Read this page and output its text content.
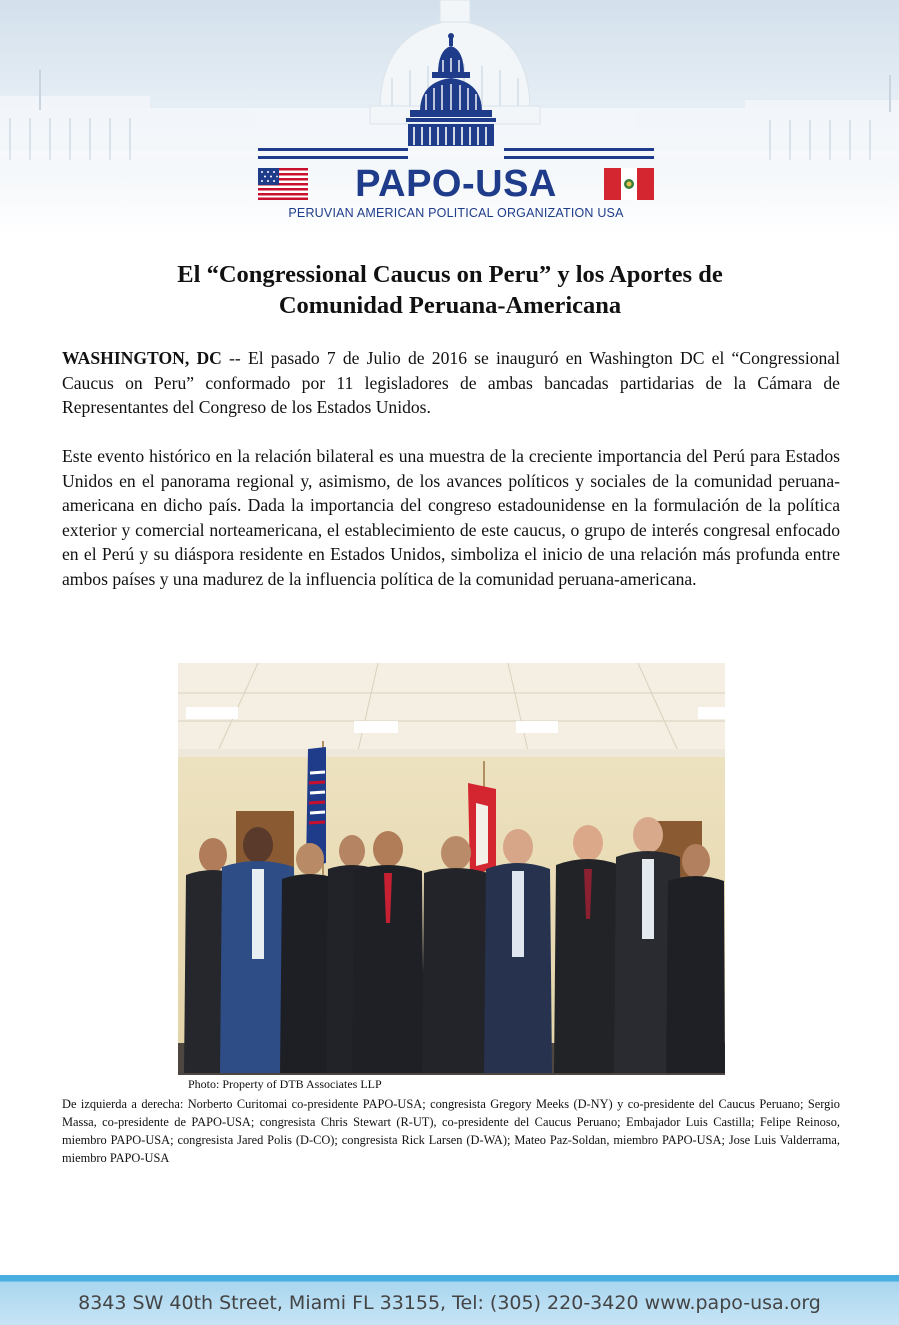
PAPO-USA
PERUVIAN AMERICAN POLITICAL ORGANIZATION USA
El “Congressional Caucus on Peru” y los Aportes de
Comunidad Peruana-Americana

WASHINGTON, DC -- El pasado 7 de Julio de 2016 se inauguró en Washington DC el “Congressional Caucus on Peru” conformado por 11 legisladores de ambas bancadas partidarias de la Cámara de Representantes del Congreso de los Estados Unidos.

Este evento histórico en la relación bilateral es una muestra de la creciente importancia del Perú para Estados Unidos en el panorama regional y, asimismo, de los avances políticos y sociales de la comunidad peruana-americana en dicho país. Dada la importancia del congreso estadounidense en la formulación de la política exterior y comercial norteamericana, el establecimiento de este caucus, o grupo de interés congresal enfocado en el Perú y su diáspora residente en Estados Unidos, simboliza el inicio de una relación más profunda entre ambos países y una madurez de la influencia política de la comunidad peruana-americana.

Photo: Property of DTB Associates LLP

De izquierda a derecha: Norberto Curitomai co-presidente PAPO-USA; congresista Gregory Meeks (D-NY) y co-presidente del Caucus Peruano; Sergio Massa, co-presidente de PAPO-USA; congresista Chris Stewart (R-UT), co-presidente del Caucus Peruano; Embajador Luis Castilla; Felipe Reinoso, miembro PAPO-USA; congresista Jared Polis (D-CO); congresista Rick Larsen (D-WA); Mateo Paz-Soldan, miembro PAPO-USA; Jose Luis Valderrama, miembro PAPO-USA

8343 SW 40th Street, Miami FL 33155, Tel: (305) 220-3420 www.papo-usa.org
